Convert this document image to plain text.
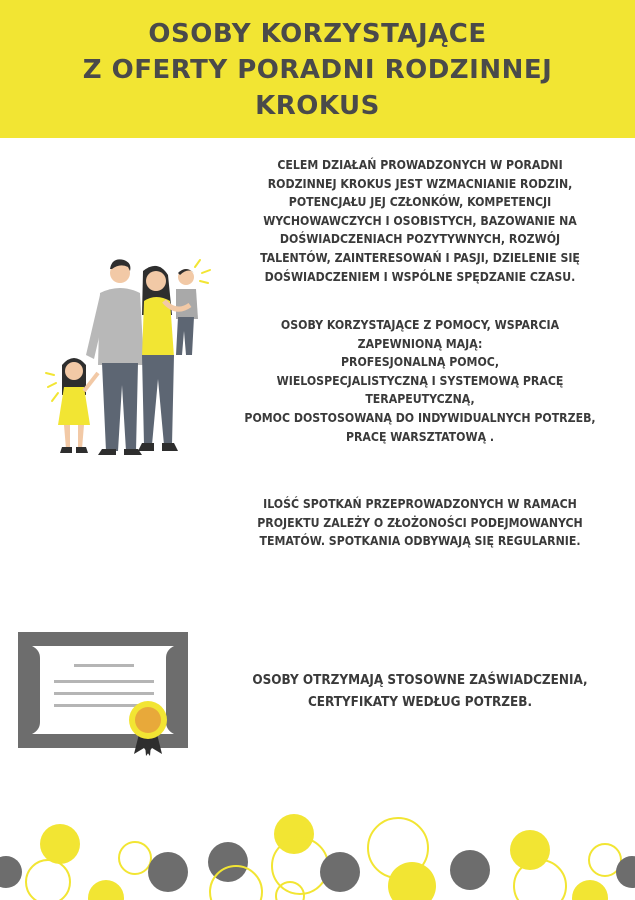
OSOBY KORZYSTAJĄCE
Z OFERTY PORADNI RODZINNEJ
KROKUS
CELEM DZIAŁAŃ PROWADZONYCH W PORADNI
RODZINNEJ KROKUS JEST WZMACNIANIE RODZIN,
POTENCJAŁU JEJ CZŁONKÓW, KOMPETENCJI
WYCHOWAWCZYCH I OSOBISTYCH, BAZOWANIE NA
DOŚWIADCZENIACH POZYTYWNYCH, ROZWÓJ
TALENTÓW, ZAINTERESOWAŃ I PASJI, DZIELENIE SIĘ
DOŚWIADCZENIEM I WSPÓLNE SPĘDZANIE CZASU.
OSOBY KORZYSTAJĄCE Z POMOCY, WSPARCIA
ZAPEWNIONĄ MAJĄ:
PROFESJONALNĄ POMOC,
WIELOSPECJALISTYCZNĄ I SYSTEMOWĄ PRACĘ
TERAPEUTYCZNĄ,
POMOC DOSTOSOWANĄ DO INDYWIDUALNYCH POTRZEB,
PRACĘ WARSZTATOWĄ .
ILOŚĆ SPOTKAŃ PRZEPROWADZONYCH W RAMACH
PROJEKTU ZALEŻY O ZŁOŻONOŚCI PODEJMOWANYCH
TEMATÓW. SPOTKANIA ODBYWAJĄ SIĘ REGULARNIE.
OSOBY OTRZYMAJĄ STOSOWNE ZAŚWIADCZENIA,
CERTYFIKATY WEDŁUG POTRZEB.
